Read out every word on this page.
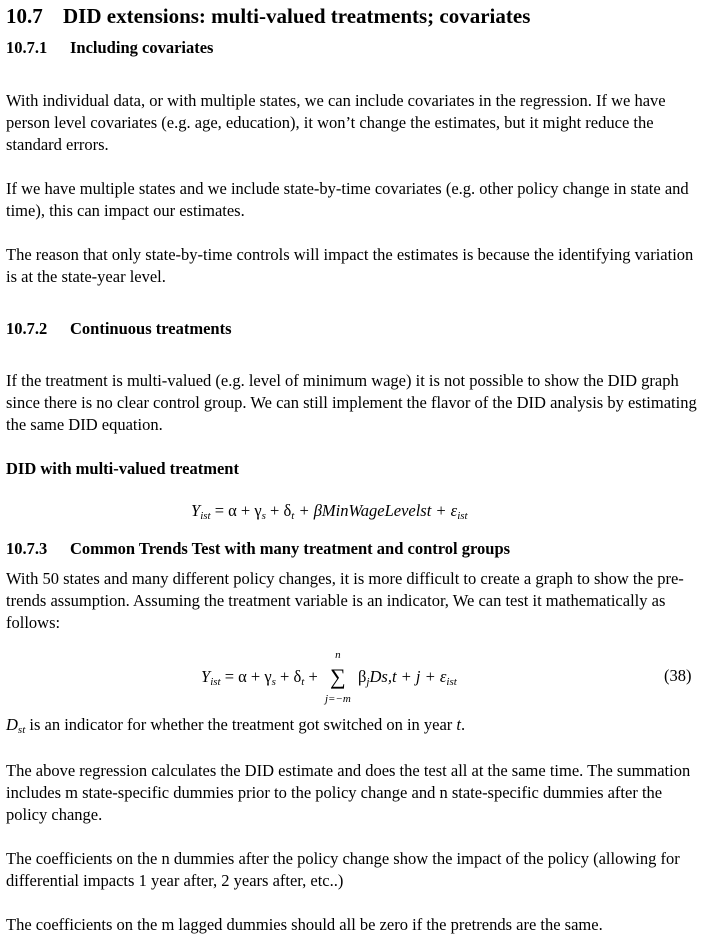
10.7 DID extensions: multi-valued treatments; covariates
10.7.1 Including covariates

With individual data, or with multiple states, we can include covariates in the regression. If we have person level covariates (e.g. age, education), it won’t change the estimates, but it might reduce the standard errors.

If we have multiple states and we include state-by-time covariates (e.g. other policy change in state and time), this can impact our estimates.

The reason that only state-by-time controls will impact the estimates is because the identifying variation is at the state-year level.

10.7.2 Continuous treatments

If the treatment is multi-valued (e.g. level of minimum wage) it is not possible to show the DID graph since there is no clear control group. We can still implement the flavor of the DID analysis by estimating the same DID equation.

DID with multi-valued treatment

$Y_{ist} = \alpha + \gamma_s + \delta_t$ + βMinWageLevelst + $\varepsilon_{ist}$
10.7.3 Common Trends Test with many treatment and control groups

With 50 states and many different policy changes, it is more difficult to create a graph to show the pre-trends assumption. Assuming the treatment variable is an indicator, We can test it mathematically as follows:

$Y_{ist} = \alpha + \gamma_s + \delta_t$ +
n
∑
j=−m
$\beta_jDs,t + j + \varepsilon_{ist}$	(38)

$D_{st}$ is an indicator for whether the treatment got switched on in year t.

The above regression calculates the DID estimate and does the test all at the same time. The summation includes m state-specific dummies prior to the policy change and n state-specific dummies after the policy change.

The coefficients on the n dummies after the policy change show the impact of the policy (allowing for differential impacts 1 year after, 2 years after, etc..)

The coefficients on the m lagged dummies should all be zero if the pretrends are the same.
